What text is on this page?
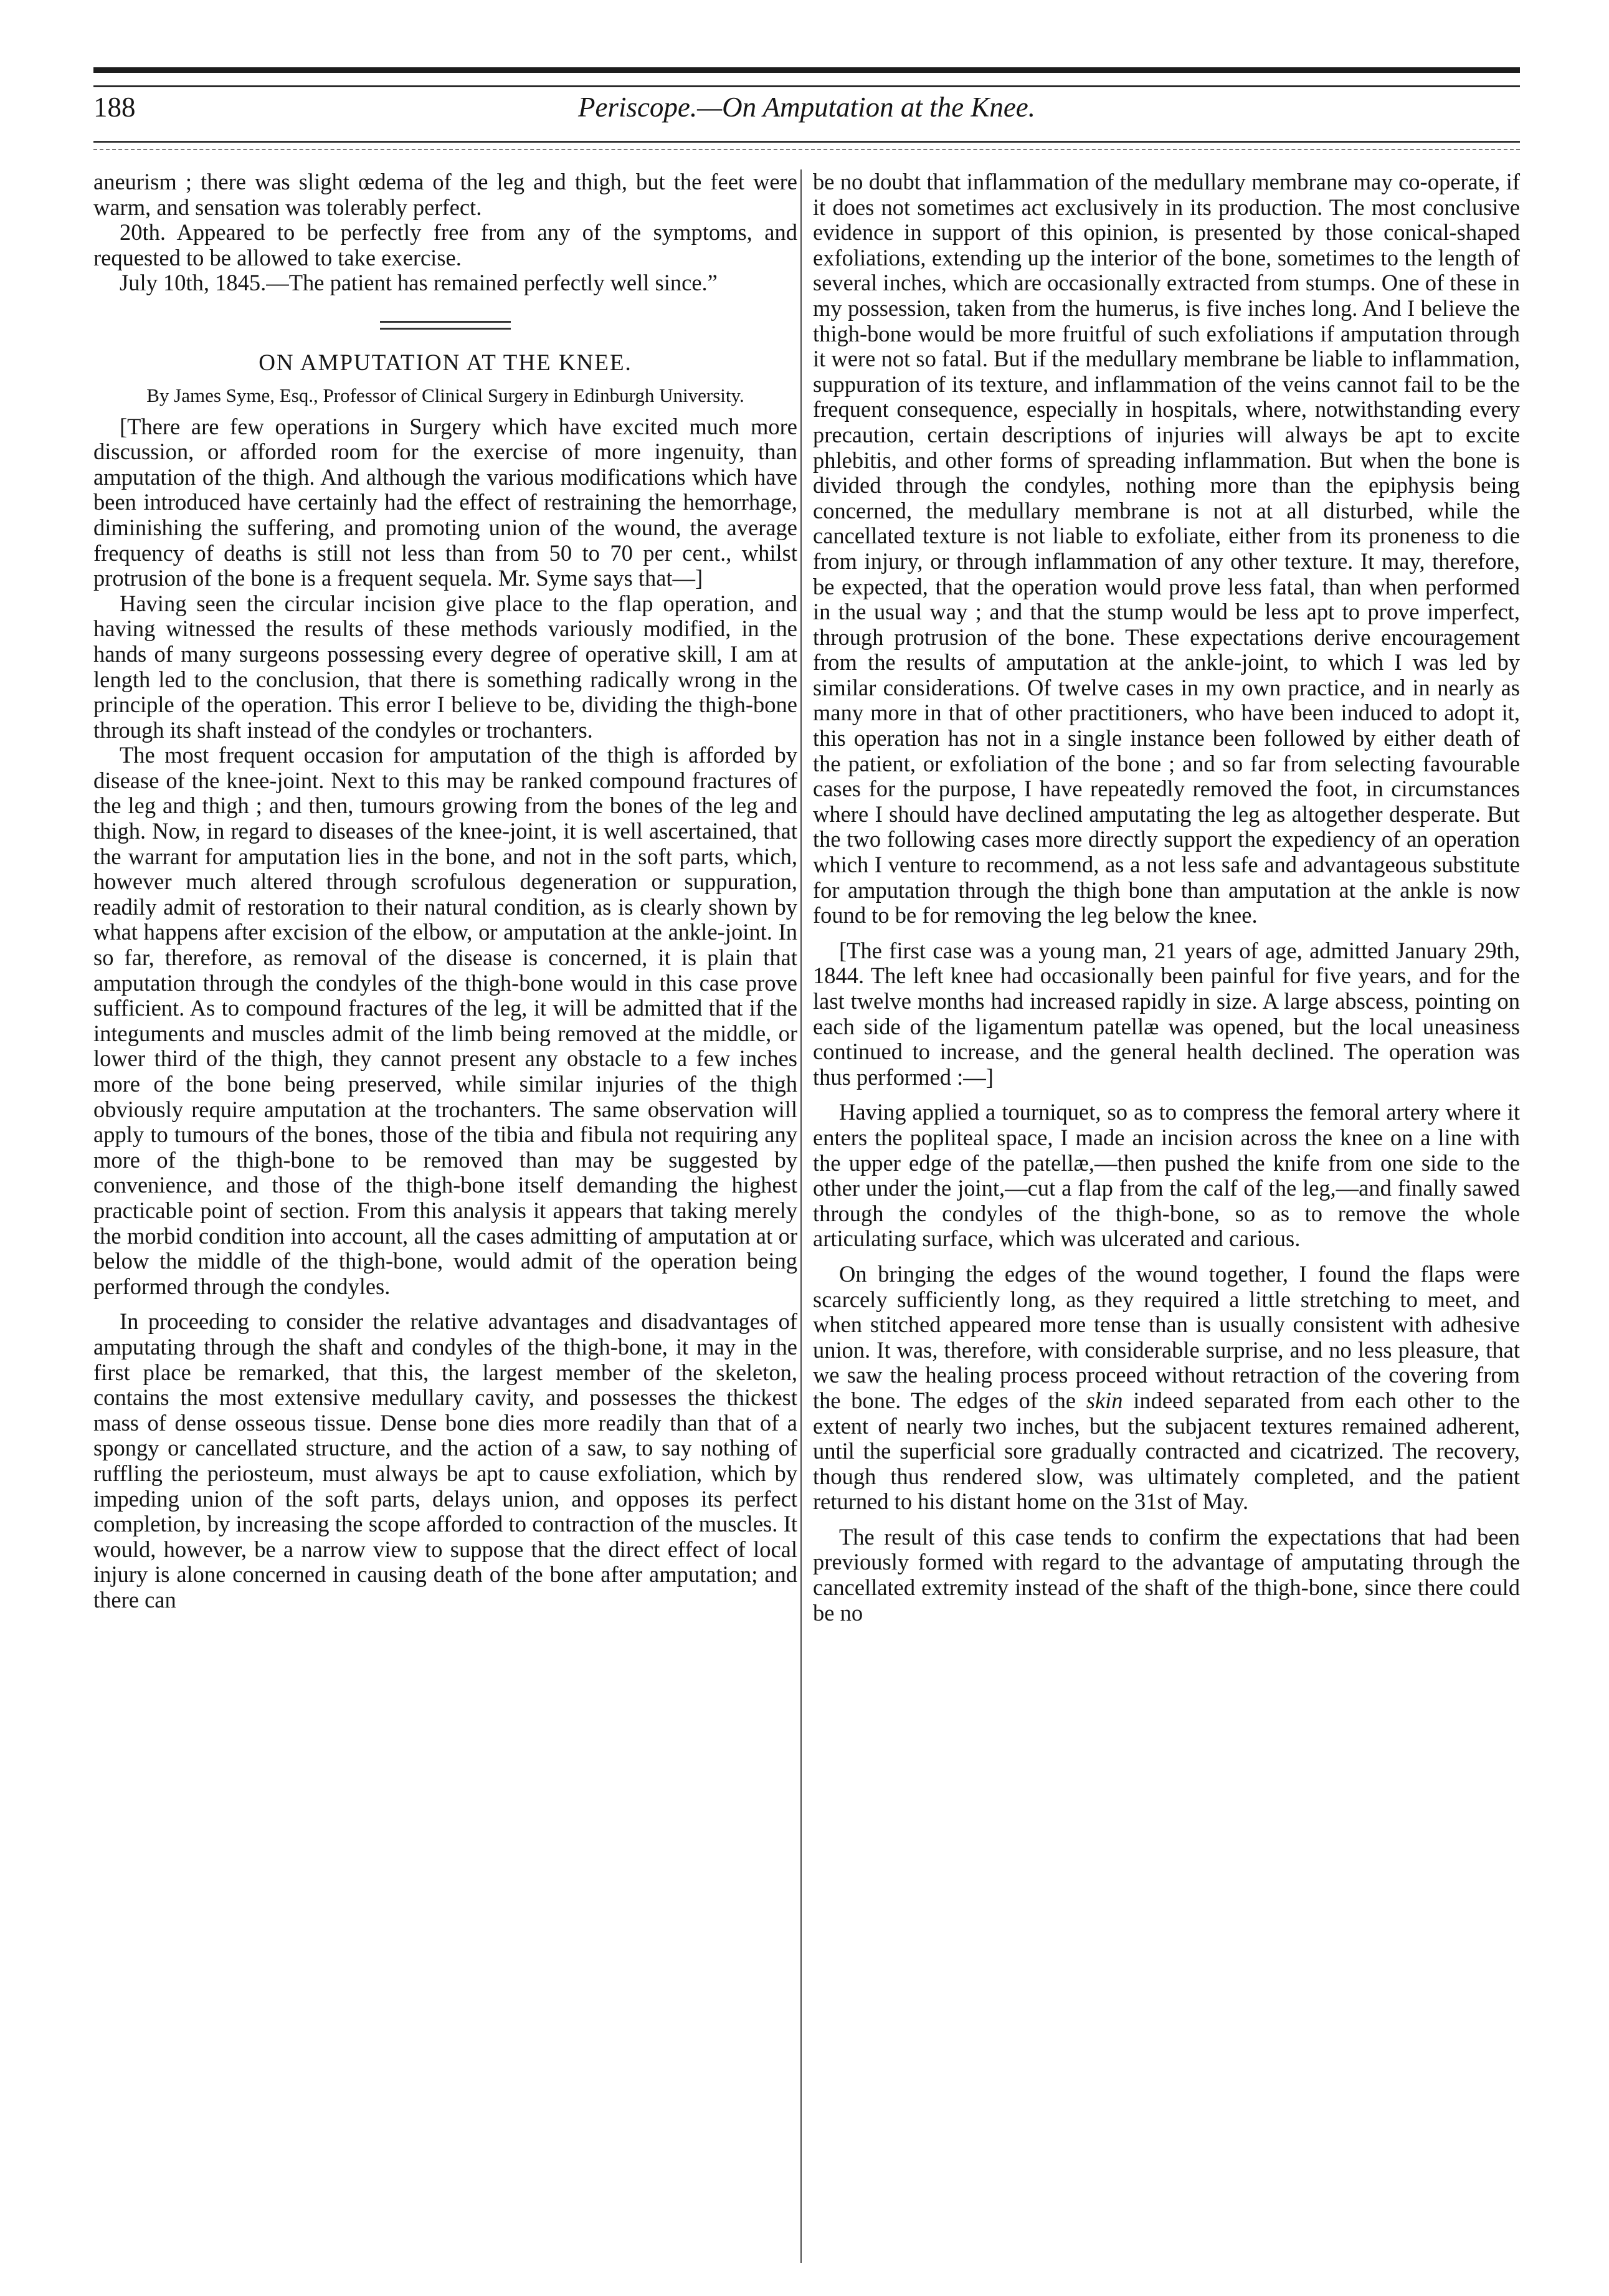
188	Periscope.—On Amputation at the Knee.

aneurism ; there was slight œdema of the leg and thigh, but the feet were warm, and sensation was tolerably perfect.

20th. Appeared to be perfectly free from any of the symptoms, and requested to be allowed to take exercise.

July 10th, 1845.—The patient has remained perfectly well since.”

ON AMPUTATION AT THE KNEE.

By James Syme, Esq., Professor of Clinical Surgery in Edinburgh University.

[There are few operations in Surgery which have excited much more discussion, or afforded room for the exercise of more ingenuity, than amputation of the thigh. And although the various modifications which have been introduced have certainly had the effect of restraining the hemorrhage, diminishing the suffering, and promoting union of the wound, the average frequency of deaths is still not less than from 50 to 70 per cent., whilst protrusion of the bone is a frequent sequela. Mr. Syme says that—]

Having seen the circular incision give place to the flap operation, and having witnessed the results of these methods variously modified, in the hands of many surgeons possessing every degree of operative skill, I am at length led to the conclusion, that there is something radically wrong in the principle of the operation. This error I believe to be, dividing the thigh-bone through its shaft instead of the condyles or trochanters.

The most frequent occasion for amputation of the thigh is afforded by disease of the knee-joint. Next to this may be ranked compound fractures of the leg and thigh ; and then, tumours growing from the bones of the leg and thigh. Now, in regard to diseases of the knee-joint, it is well ascertained, that the warrant for amputation lies in the bone, and not in the soft parts, which, however much altered through scrofulous degeneration or suppuration, readily admit of restoration to their natural condition, as is clearly shown by what happens after excision of the elbow, or amputation at the ankle-joint. In so far, therefore, as removal of the disease is concerned, it is plain that amputation through the condyles of the thigh-bone would in this case prove sufficient. As to compound fractures of the leg, it will be admitted that if the integuments and muscles admit of the limb being removed at the middle, or lower third of the thigh, they cannot present any obstacle to a few inches more of the bone being preserved, while similar injuries of the thigh obviously require amputation at the trochanters. The same observation will apply to tumours of the bones, those of the tibia and fibula not requiring any more of the thigh-bone to be removed than may be suggested by convenience, and those of the thigh-bone itself demanding the highest practicable point of section. From this analysis it appears that taking merely the morbid condition into account, all the cases admitting of amputation at or below the middle of the thigh-bone, would admit of the operation being performed through the condyles.

In proceeding to consider the relative advantages and disadvantages of amputating through the shaft and condyles of the thigh-bone, it may in the first place be remarked, that this, the largest member of the skeleton, contains the most extensive medullary cavity, and possesses the thickest mass of dense osseous tissue. Dense bone dies more readily than that of a spongy or cancellated structure, and the action of a saw, to say nothing of ruffling the periosteum, must always be apt to cause exfoliation, which by impeding union of the soft parts, delays union, and opposes its perfect completion, by increasing the scope afforded to contraction of the muscles. It would, however, be a narrow view to suppose that the direct effect of local injury is alone concerned in causing death of the bone after amputation; and there can

be no doubt that inflammation of the medullary membrane may co-operate, if it does not sometimes act exclusively in its production. The most conclusive evidence in support of this opinion, is presented by those conical-shaped exfoliations, extending up the interior of the bone, sometimes to the length of several inches, which are occasionally extracted from stumps. One of these in my possession, taken from the humerus, is five inches long. And I believe the thigh-bone would be more fruitful of such exfoliations if amputation through it were not so fatal. But if the medullary membrane be liable to inflammation, suppuration of its texture, and inflammation of the veins cannot fail to be the frequent consequence, especially in hospitals, where, notwithstanding every precaution, certain descriptions of injuries will always be apt to excite phlebitis, and other forms of spreading inflammation. But when the bone is divided through the condyles, nothing more than the epiphysis being concerned, the medullary membrane is not at all disturbed, while the cancellated texture is not liable to exfoliate, either from its proneness to die from injury, or through inflammation of any other texture. It may, therefore, be expected, that the operation would prove less fatal, than when performed in the usual way ; and that the stump would be less apt to prove imperfect, through protrusion of the bone. These expectations derive encouragement from the results of amputation at the ankle-joint, to which I was led by similar considerations. Of twelve cases in my own practice, and in nearly as many more in that of other practitioners, who have been induced to adopt it, this operation has not in a single instance been followed by either death of the patient, or exfoliation of the bone ; and so far from selecting favourable cases for the purpose, I have repeatedly removed the foot, in circumstances where I should have declined amputating the leg as altogether desperate. But the two following cases more directly support the expediency of an operation which I venture to recommend, as a not less safe and advantageous substitute for amputation through the thigh bone than amputation at the ankle is now found to be for removing the leg below the knee.

[The first case was a young man, 21 years of age, admitted January 29th, 1844. The left knee had occasionally been painful for five years, and for the last twelve months had increased rapidly in size. A large abscess, pointing on each side of the ligamentum patellæ was opened, but the local uneasiness continued to increase, and the general health declined. The operation was thus performed :—]

Having applied a tourniquet, so as to compress the femoral artery where it enters the popliteal space, I made an incision across the knee on a line with the upper edge of the patellæ,—then pushed the knife from one side to the other under the joint,—cut a flap from the calf of the leg,—and finally sawed through the condyles of the thigh-bone, so as to remove the whole articulating surface, which was ulcerated and carious.

On bringing the edges of the wound together, I found the flaps were scarcely sufficiently long, as they required a little stretching to meet, and when stitched appeared more tense than is usually consistent with adhesive union. It was, therefore, with considerable surprise, and no less pleasure, that we saw the healing process proceed without retraction of the covering from the bone. The edges of the skin indeed separated from each other to the extent of nearly two inches, but the subjacent textures remained adherent, until the superficial sore gradually contracted and cicatrized. The recovery, though thus rendered slow, was ultimately completed, and the patient returned to his distant home on the 31st of May.

The result of this case tends to confirm the expectations that had been previously formed with regard to the advantage of amputating through the cancellated extremity instead of the shaft of the thigh-bone, since there could be no
